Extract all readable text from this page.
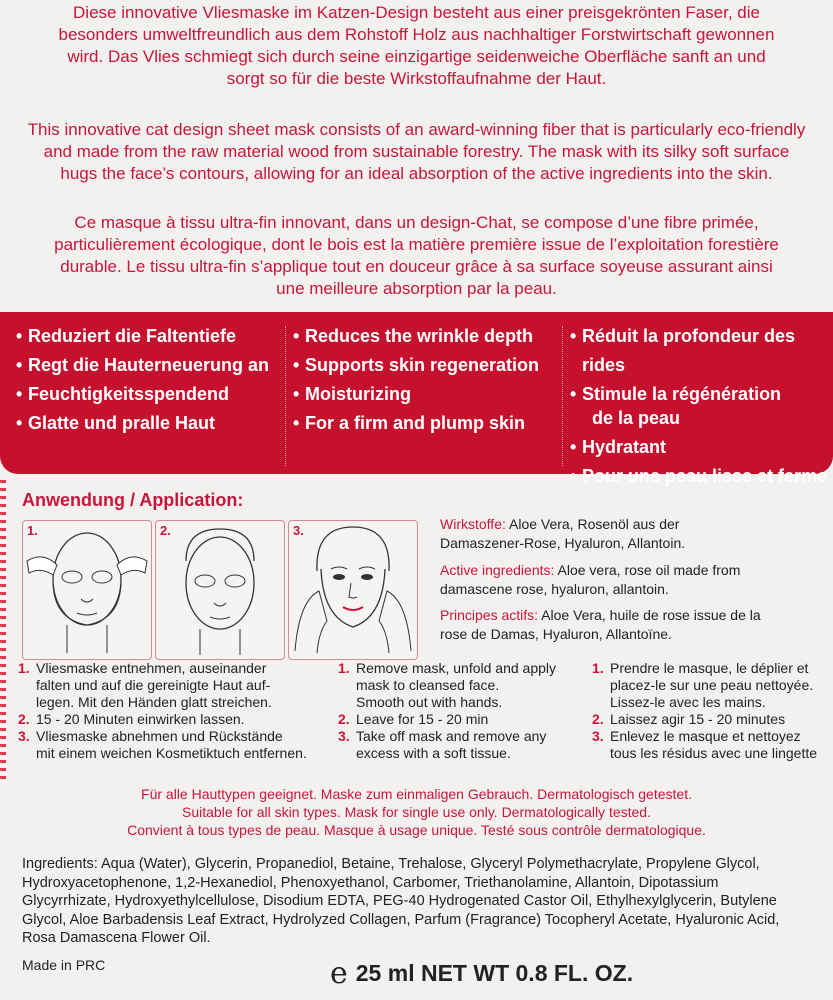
Diese innovative Vliesmaske im Katzen-Design besteht aus einer preisgekrönten Faser, die

besonders umweltfreundlich aus dem Rohstoff Holz aus nachhaltiger Forstwirtschaft gewonnen

wird. Das Vlies schmiegt sich durch seine einzigartige seidenweiche Oberfläche sanft an und

sorgt so für die beste Wirkstoffaufnahme der Haut.

This innovative cat design sheet mask consists of an award-winning fiber that is particularly eco-friendly

and made from the raw material wood from sustainable forestry. The mask with its silky soft surface

hugs the face’s contours, allowing for an ideal absorption of the active ingredients into the skin.

Ce masque à tissu ultra-fin innovant, dans un design-Chat, se compose d’une fibre primée,

particulièrement écologique, dont le bois est la matière première issue de l’exploitation forestière

durable. Le tissu ultra-fin s’applique tout en douceur grâce à sa surface soyeuse assurant ainsi

une meilleure absorption par la peau.

• Reduziert die Faltentiefe
• Regt die Hauterneuerung an
• Feuchtigkeitsspendend
• Glatte und pralle Haut
• Reduces the wrinkle depth
• Supports skin regeneration
• Moisturizing
• For a firm and plump skin
• Réduit la profondeur des rides
• Stimule la régénération
de la peau
• Hydratant
• Pour une peau lisse et ferme
Anwendung / Application:
1.	2.	3.	Wirkstoffe: Aloe Vera, Rosenöl aus der
Damaszener-Rose, Hyaluron, Allantoin.
Active ingredients: Aloe vera, rose oil made from
damascene rose, hyaluron, allantoin.
Principes actifs: Aloe Vera, huile de rose issue de la
rose de Damas, Hyaluron, Allantoïne.
1. Vliesmaske entnehmen, auseinander
falten und auf die gereinigte Haut auf-
legen. Mit den Händen glatt streichen.
2. 15 - 20 Minuten einwirken lassen.
3. Vliesmaske abnehmen und Rückstände
mit einem weichen Kosmetiktuch entfernen.
1. Remove mask, unfold and apply
mask to cleansed face.
Smooth out with hands.
2. Leave for 15 - 20 min
3. Take off mask and remove any
excess with a soft tissue.
1. Prendre le masque, le déplier et
placez-le sur une peau nettoyée.
Lissez-le avec les mains.
2. Laissez agir 15 - 20 minutes
3. Enlevez le masque et nettoyez
tous les résidus avec une lingette

Für alle Hauttypen geeignet. Maske zum einmaligen Gebrauch. Dermatologisch getestet.

Suitable for all skin types. Mask for single use only. Dermatologically tested.

Convient à tous types de peau. Masque à usage unique. Testé sous contrôle dermatologique.

Ingredients: Aqua (Water), Glycerin, Propanediol, Betaine, Trehalose, Glyceryl Polymethacrylate, Propylene Glycol,
Hydroxyacetophenone, 1,2-Hexanediol, Phenoxyethanol, Carbomer, Triethanolamine, Allantoin, Dipotassium
Glycyrrhizate, Hydroxyethylcellulose, Disodium EDTA, PEG-40 Hydrogenated Castor Oil, Ethylhexylglycerin, Butylene
Glycol, Aloe Barbadensis Leaf Extract, Hydrolyzed Collagen, Parfum (Fragrance) Tocopheryl Acetate, Hyaluronic Acid,
Rosa Damascena Flower Oil.
Made in PRC	e 25 ml NET WT 0.8 FL. OZ.
